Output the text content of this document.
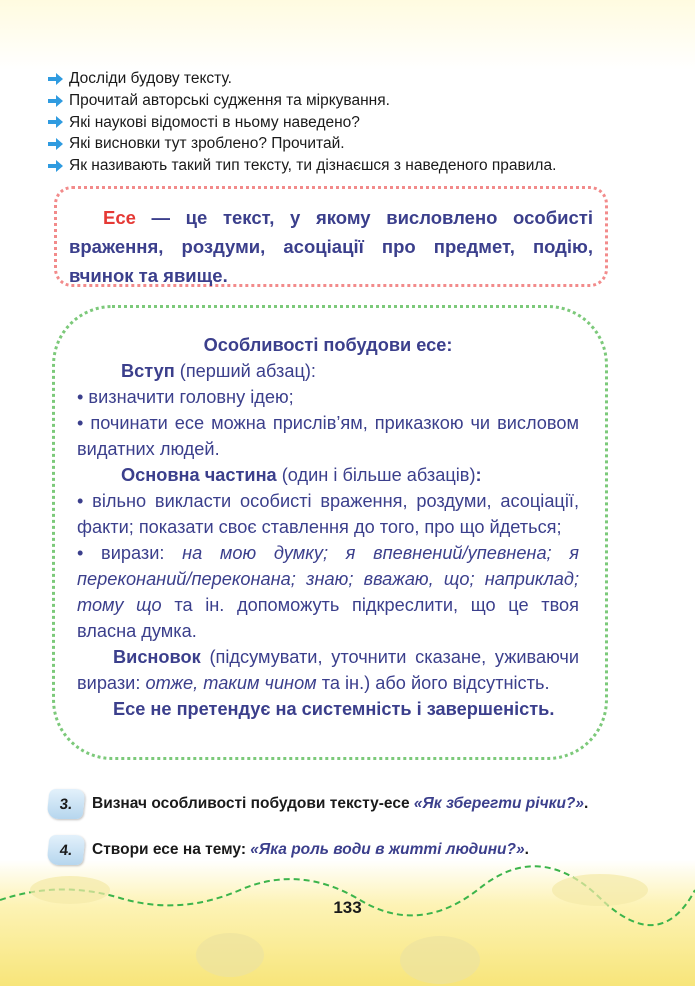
Досліди будову тексту.
Прочитай авторські судження та міркування.
Які наукові відомості в ньому наведено?
Які висновки тут зроблено? Прочитай.
Як називають такий тип тексту, ти дізнаєшся з наведеного правила.
Есе — це текст, у якому висловлено особисті враження, роздуми, асоціації про предмет, подію, вчинок та явище.
Особливості побудови есе:
Вступ (перший абзац):
• визначити головну ідею;
• починати есе можна прислів’ям, приказкою чи висловом видатних людей.
Основна частина (один і більше абзаців):
• вільно викласти особисті враження, роздуми, асоціації, факти; показати своє ставлення до того, про що йдеться;
• вирази: на мою думку; я впевнений/упевнена; я переконаний/переконана; знаю; вважаю, що; наприклад; тому що та ін. допоможуть підкреслити, що це твоя власна думка.
Висновок (підсумувати, уточнити сказане, уживаючи вирази: отже, таким чином та ін.) або його відсутність.
Есе не претендує на системність і завершеність.
3.	Визнач особливості побудови тексту-есе «Як зберегти річки?».
4.	Створи есе на тему: «Яка роль води в житті людини?».
133
